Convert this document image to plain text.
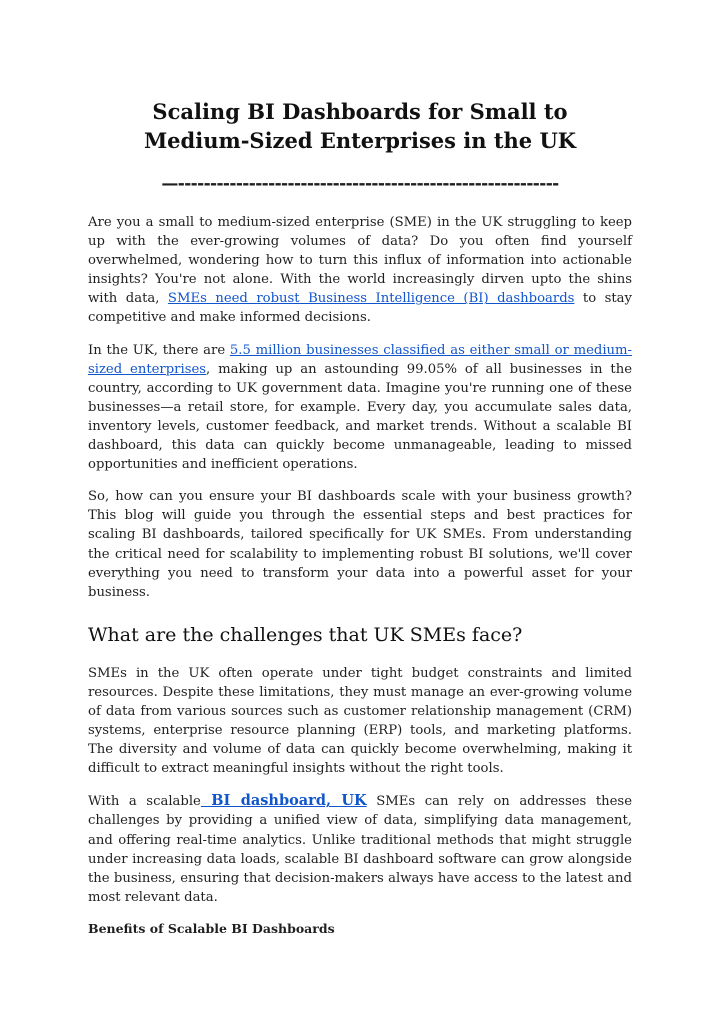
Scaling BI Dashboards for Small to
Medium-Sized Enterprises in the UK
—-----------------------------------------------------------

Are you a small to medium-sized enterprise (SME) in the UK struggling to keep up with the ever-growing volumes of data? Do you often find yourself overwhelmed, wondering how to turn this influx of information into actionable insights? You're not alone. With the world increasingly dirven upto the shins with data, SMEs need robust Business Intelligence (BI) dashboards to stay competitive and make informed decisions.

In the UK, there are 5.5 million businesses classified as either small or medium-sized enterprises, making up an astounding 99.05% of all businesses in the country, according to UK government data. Imagine you're running one of these businesses—a retail store, for example. Every day, you accumulate sales data, inventory levels, customer feedback, and market trends. Without a scalable BI dashboard, this data can quickly become unmanageable, leading to missed opportunities and inefficient operations.

So, how can you ensure your BI dashboards scale with your business growth? This blog will guide you through the essential steps and best practices for scaling BI dashboards, tailored specifically for UK SMEs. From understanding the critical need for scalability to implementing robust BI solutions, we'll cover everything you need to transform your data into a powerful asset for your business.

What are the challenges that UK SMEs face?

SMEs in the UK often operate under tight budget constraints and limited resources. Despite these limitations, they must manage an ever-growing volume of data from various sources such as customer relationship management (CRM) systems, enterprise resource planning (ERP) tools, and marketing platforms. The diversity and volume of data can quickly become overwhelming, making it difficult to extract meaningful insights without the right tools.

With a scalable BI dashboard, UK SMEs can rely on addresses these challenges by providing a unified view of data, simplifying data management, and offering real-time analytics. Unlike traditional methods that might struggle under increasing data loads, scalable BI dashboard software can grow alongside the business, ensuring that decision-makers always have access to the latest and most relevant data.

Benefits of Scalable BI Dashboards
